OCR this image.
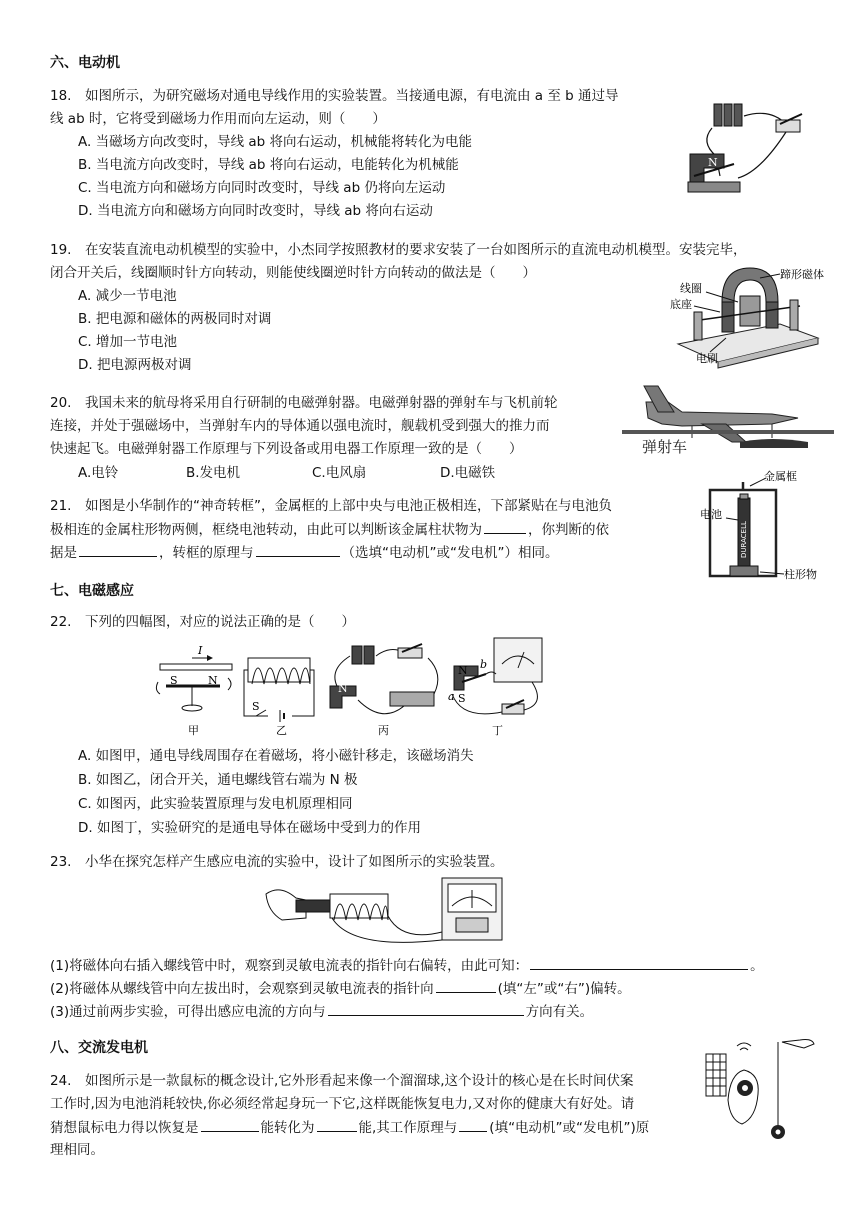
六、电动机
18.　如图所示，为研究磁场对通电导线作用的实验装置。当接通电源，有电流由 a 至 b 通过导
线 ab 时，它将受到磁场力作用而向左运动，则（　　）
A. 当磁场方向改变时，导线 ab 将向右运动，机械能将转化为电能
B. 当电流方向改变时，导线 ab 将向右运动，电能转化为机械能
C. 当电流方向和磁场方向同时改变时，导线 ab 仍将向左运动
D. 当电流方向和磁场方向同时改变时，导线 ab 将向右运动
N
19.　在安装直流电动机模型的实验中，小杰同学按照教材的要求安装了一台如图所示的直流电动机模型。安装完毕，
闭合开关后，线圈顺时针方向转动，则能使线圈逆时针方向转动的做法是（　　）
A. 减少一节电池
B. 把电源和磁体的两极同时对调
C. 增加一节电池
D. 把电源两极对调
蹄形磁体
线圈
底座
电刷
20.　我国未来的航母将采用自行研制的电磁弹射器。电磁弹射器的弹射车与飞机前轮
连接，并处于强磁场中，当弹射车内的导体通以强电流时，舰载机受到强大的推力而
快速起飞。电磁弹射器工作原理与下列设备或用电器工作原理一致的是（　　）
A.电铃	B.发电机	C.电风扇	D.电磁铁
弹射车
21.　如图是小华制作的“神奇转框”，金属框的上部中央与电池正极相连，下部紧贴在与电池负
极相连的金属柱形物两侧，框绕电池转动，由此可以判断该金属柱状物为	，你判断的依
据是	，转框的原理与	（选填“电动机”或“发电机”）相同。	DURACELL
金属框
电池
柱形物
七、电磁感应
22.　下列的四幅图，对应的说法正确的是（　　）
I
S	N
甲
S
乙
N
丙
N
S
b
a
丁
A. 如图甲，通电导线周围存在着磁场，将小磁针移走，该磁场消失
B. 如图乙，闭合开关，通电螺线管右端为 N 极
C. 如图丙，此实验装置原理与发电机原理相同
D. 如图丁，实验研究的是通电导体在磁场中受到力的作用
23.　小华在探究怎样产生感应电流的实验中，设计了如图所示的实验装置。
(1)将磁体向右插入螺线管中时，观察到灵敏电流表的指针向右偏转，由此可知：	。
(2)将磁体从螺线管中向左拔出时，会观察到灵敏电流表的指针向	(填“左”或“右”)偏转。
(3)通过前两步实验，可得出感应电流的方向与	方向有关。
八、交流发电机
24.　如图所示是一款鼠标的概念设计,它外形看起来像一个溜溜球,这个设计的核心是在长时间伏案
工作时,因为电池消耗较快,你必须经常起身玩一下它,这样既能恢复电力,又对你的健康大有好处。请
猜想鼠标电力得以恢复是	能转化为	能,其工作原理与 (填“电动机”或“发电机”)原
理相同。
